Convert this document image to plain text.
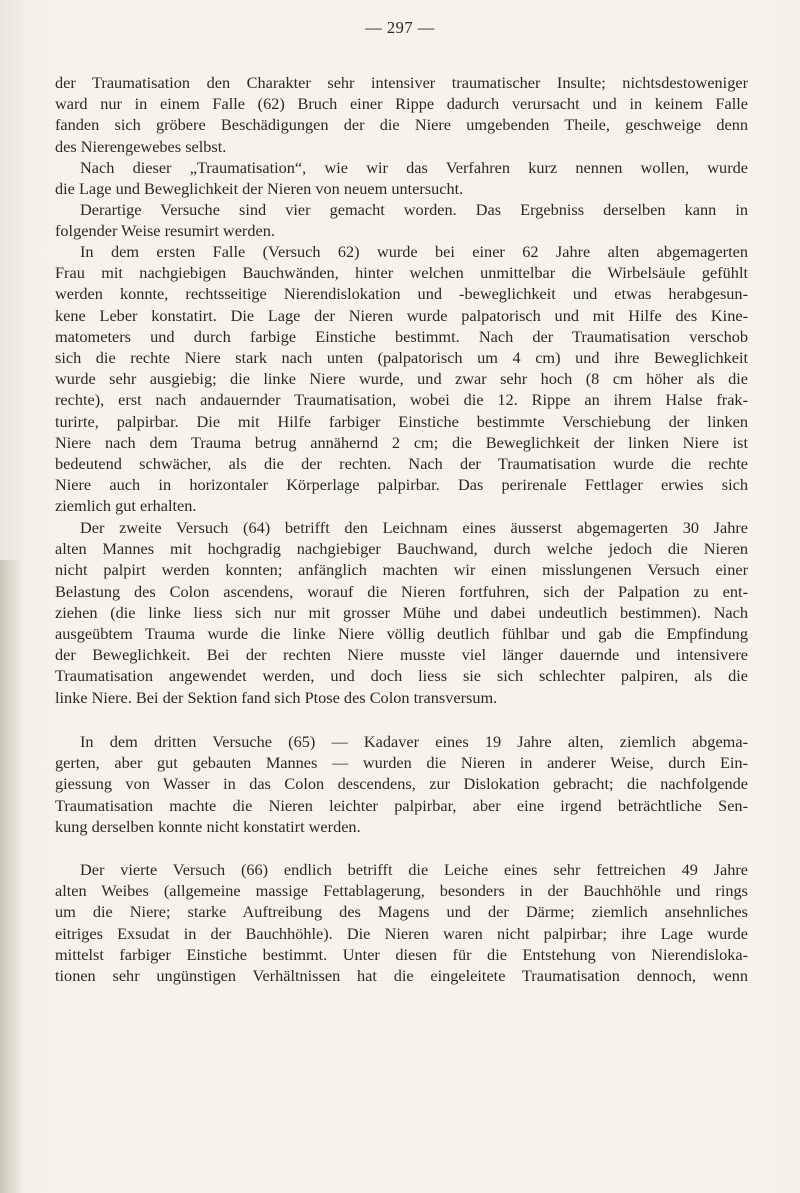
— 297 —
der Traumatisation den Charakter sehr intensiver traumatischer Insulte; nichtsdestoweniger
ward nur in einem Falle (62) Bruch einer Rippe dadurch verursacht und in keinem Falle
fanden sich gröbere Beschädigungen der die Niere umgebenden Theile, geschweige denn
des Nierengewebes selbst.
Nach dieser „Traumatisation“, wie wir das Verfahren kurz nennen wollen, wurde
die Lage und Beweglichkeit der Nieren von neuem untersucht.
Derartige Versuche sind vier gemacht worden. Das Ergebniss derselben kann in
folgender Weise resumirt werden.
In dem ersten Falle (Versuch 62) wurde bei einer 62 Jahre alten abgemagerten
Frau mit nachgiebigen Bauchwänden, hinter welchen unmittelbar die Wirbelsäule gefühlt
werden konnte, rechtsseitige Nierendislokation und -beweglichkeit und etwas herabgesun-
kene Leber konstatirt. Die Lage der Nieren wurde palpatorisch und mit Hilfe des Kine-
matometers und durch farbige Einstiche bestimmt. Nach der Traumatisation verschob
sich die rechte Niere stark nach unten (palpatorisch um 4 cm) und ihre Beweglichkeit
wurde sehr ausgiebig; die linke Niere wurde, und zwar sehr hoch (8 cm höher als die
rechte), erst nach andauernder Traumatisation, wobei die 12. Rippe an ihrem Halse frak-
turirte, palpirbar. Die mit Hilfe farbiger Einstiche bestimmte Verschiebung der linken
Niere nach dem Trauma betrug annähernd 2 cm; die Beweglichkeit der linken Niere ist
bedeutend schwächer, als die der rechten. Nach der Traumatisation wurde die rechte
Niere auch in horizontaler Körperlage palpirbar. Das perirenale Fettlager erwies sich
ziemlich gut erhalten.
Der zweite Versuch (64) betrifft den Leichnam eines äusserst abgemagerten 30 Jahre
alten Mannes mit hochgradig nachgiebiger Bauchwand, durch welche jedoch die Nieren
nicht palpirt werden konnten; anfänglich machten wir einen misslungenen Versuch einer
Belastung des Colon ascendens, worauf die Nieren fortfuhren, sich der Palpation zu ent-
ziehen (die linke liess sich nur mit grosser Mühe und dabei undeutlich bestimmen). Nach
ausgeübtem Trauma wurde die linke Niere völlig deutlich fühlbar und gab die Empfindung
der Beweglichkeit. Bei der rechten Niere musste viel länger dauernde und intensivere
Traumatisation angewendet werden, und doch liess sie sich schlechter palpiren, als die
linke Niere. Bei der Sektion fand sich Ptose des Colon transversum.
In dem dritten Versuche (65) — Kadaver eines 19 Jahre alten, ziemlich abgema-
gerten, aber gut gebauten Mannes — wurden die Nieren in anderer Weise, durch Ein-
giessung von Wasser in das Colon descendens, zur Dislokation gebracht; die nachfolgende
Traumatisation machte die Nieren leichter palpirbar, aber eine irgend beträchtliche Sen-
kung derselben konnte nicht konstatirt werden.
Der vierte Versuch (66) endlich betrifft die Leiche eines sehr fettreichen 49 Jahre
alten Weibes (allgemeine massige Fettablagerung, besonders in der Bauchhöhle und rings
um die Niere; starke Auftreibung des Magens und der Därme; ziemlich ansehnliches
eitriges Exsudat in der Bauchhöhle). Die Nieren waren nicht palpirbar; ihre Lage wurde
mittelst farbiger Einstiche bestimmt. Unter diesen für die Entstehung von Nierendisloka-
tionen sehr ungünstigen Verhältnissen hat die eingeleitete Traumatisation dennoch, wenn
